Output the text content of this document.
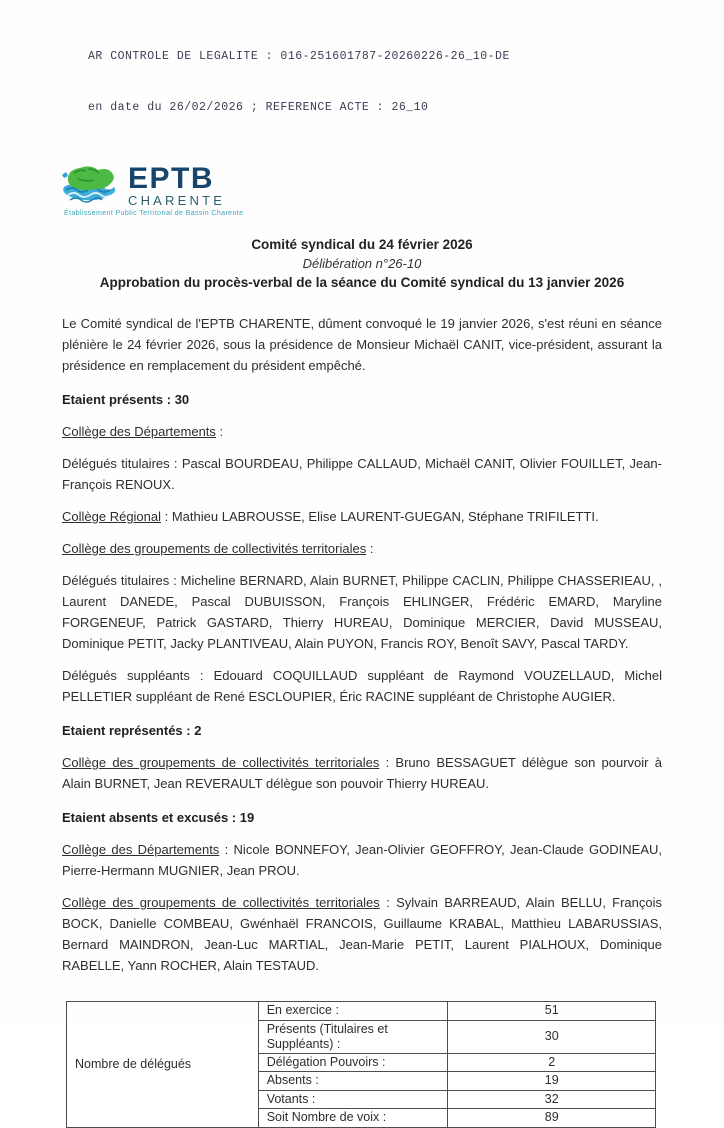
AR CONTROLE DE LEGALITE : 016-251601787-20260226-26_10-DE

en date du 26/02/2026 ; REFERENCE ACTE : 26_10

EPTB
CHARENTE
Établissement Public Territorial de Bassin Charente
Comité syndical du 24 février 2026
Délibération n°26-10
Approbation du procès-verbal de la séance du Comité syndical du 13 janvier 2026

Le Comité syndical de l'EPTB CHARENTE, dûment convoqué le 19 janvier 2026, s'est réuni en séance plénière le 24 février 2026, sous la présidence de Monsieur Michaël CANIT, vice-président, assurant la présidence en remplacement du président empêché.

Etaient présents : 30

Collège des Départements :

Délégués titulaires : Pascal BOURDEAU, Philippe CALLAUD, Michaël CANIT, Olivier FOUILLET, Jean-François RENOUX.

Collège Régional : Mathieu LABROUSSE, Elise LAURENT-GUEGAN, Stéphane TRIFILETTI.

Collège des groupements de collectivités territoriales :

Délégués titulaires : Micheline BERNARD, Alain BURNET, Philippe CACLIN, Philippe CHASSERIEAU, , Laurent DANEDE, Pascal DUBUISSON, François EHLINGER, Frédéric EMARD, Maryline FORGENEUF, Patrick GASTARD, Thierry HUREAU, Dominique MERCIER, David MUSSEAU, Dominique PETIT, Jacky PLANTIVEAU, Alain PUYON, Francis ROY, Benoît SAVY, Pascal TARDY.

Délégués suppléants : Edouard COQUILLAUD suppléant de Raymond VOUZELLAUD, Michel PELLETIER suppléant de René ESCLOUPIER, Éric RACINE suppléant de Christophe AUGIER.

Etaient représentés : 2

Collège des groupements de collectivités territoriales : Bruno BESSAGUET délègue son pourvoir à Alain BURNET, Jean REVERAULT délègue son pouvoir Thierry HUREAU.

Etaient absents et excusés : 19

Collège des Départements : Nicole BONNEFOY, Jean-Olivier GEOFFROY, Jean-Claude GODINEAU, Pierre-Hermann MUGNIER, Jean PROU.

Collège des groupements de collectivités territoriales : Sylvain BARREAUD, Alain BELLU, François BOCK, Danielle COMBEAU, Gwénhaël FRANCOIS, Guillaume KRABAL, Matthieu LABARUSSIAS, Bernard MAINDRON, Jean-Luc MARTIAL, Jean-Marie PETIT, Laurent PIALHOUX, Dominique RABELLE, Yann ROCHER, Alain TESTAUD.

Nombre de délégués	En exercice :	51
	Présents (Titulaires et Suppléants) :	30
	Délégation Pouvoirs :	2
	Absents :	19
	Votants :	32
	Soit Nombre de voix :	89
